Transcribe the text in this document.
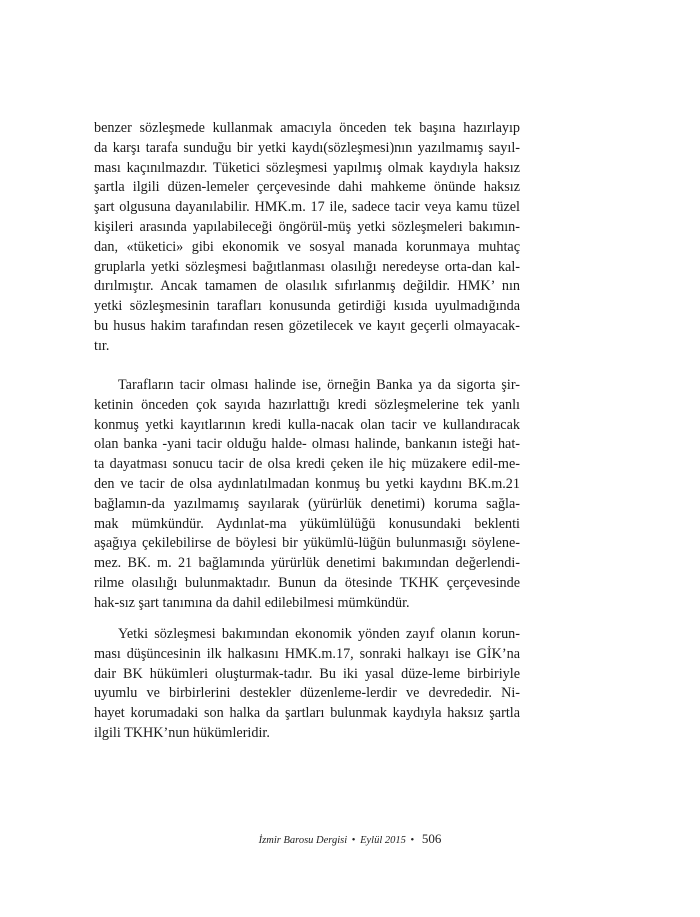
benzer sözleşmede kullanmak amacıyla önceden tek başına hazırlayıp
da karşı tarafa sunduğu bir yetki kaydı(sözleşmesi)nın yazılmamış sayıl-
ması kaçınılmazdır. Tüketici sözleşmesi yapılmış olmak kaydıyla haksız
şartla ilgili düzen-lemeler çerçevesinde dahi mahkeme önünde haksız
şart olgusuna dayanılabilir. HMK.m. 17 ile, sadece tacir veya kamu tüzel
kişileri arasında yapılabileceği öngörül-müş yetki sözleşmeleri bakımın-
dan, «tüketici» gibi ekonomik ve sosyal manada korunmaya muhtaç
gruplarla yetki sözleşmesi bağıtlanması olasılığı neredeyse orta-dan kal-
dırılmıştır. Ancak tamamen de olasılık sıfırlanmış değildir. HMK’ nın
yetki sözleşmesinin tarafları konusunda getirdiği kısıda uyulmadığında
bu husus hakim tarafından resen gözetilecek ve kayıt geçerli olmayacak-
tır.
Tarafların tacir olması halinde ise, örneğin Banka ya da sigorta şir-
ketinin önceden çok sayıda hazırlattığı kredi sözleşmelerine tek yanlı
konmuş yetki kayıtlarının kredi kulla-nacak olan tacir ve kullandıracak
olan banka -yani tacir olduğu halde- olması halinde, bankanın isteği hat-
ta dayatması sonucu tacir de olsa kredi çeken ile hiç müzakere edil-me-
den ve tacir de olsa aydınlatılmadan konmuş bu yetki kaydını BK.m.21
bağlamın-da yazılmamış sayılarak (yürürlük denetimi) koruma sağla-
mak mümkündür. Aydınlat-ma yükümlülüğü konusundaki beklenti
aşağıya çekilebilirse de böylesi bir yükümlü-lüğün bulunmasığı söylene-
mez. BK. m. 21 bağlamında yürürlük denetimi bakımından değerlendi-
rilme olasılığı bulunmaktadır. Bunun da ötesinde TKHK çerçevesinde
hak-sız şart tanımına da dahil edilebilmesi mümkündür.
Yetki sözleşmesi bakımından ekonomik yönden zayıf olanın korun-
ması düşüncesinin ilk halkasını HMK.m.17, sonraki halkayı ise GİK’na
dair BK hükümleri oluşturmak-tadır. Bu iki yasal düze-leme birbiriyle
uyumlu ve birbirlerini destekler düzenleme-lerdir ve devrededir. Ni-
hayet korumadaki son halka da şartları bulunmak kaydıyla haksız şartla
ilgili TKHK’nun hükümleridir.
İzmir Barosu Dergisi • Eylül 2015 • 506
